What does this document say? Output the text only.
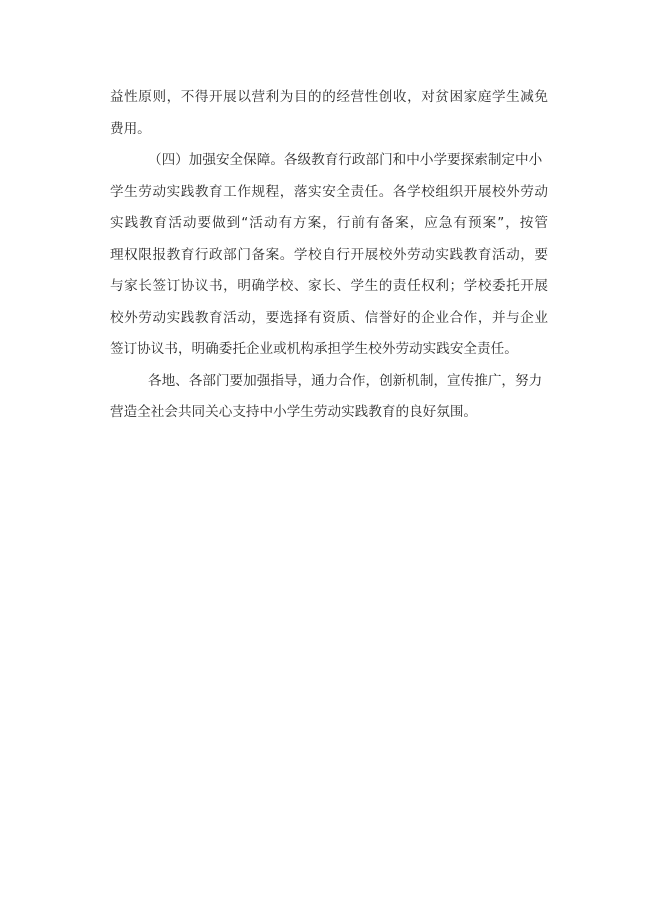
益性原则，不得开展以营利为目的的经营性创收，对贫困家庭学生减免
费用。
（四）加强安全保障。各级教育行政部门和中小学要探索制定中小
学生劳动实践教育工作规程，落实安全责任。各学校组织开展校外劳动
实践教育活动要做到“活动有方案，行前有备案，应急有预案”，按管
理权限报教育行政部门备案。学校自行开展校外劳动实践教育活动，要
与家长签订协议书，明确学校、家长、学生的责任权利；学校委托开展
校外劳动实践教育活动，要选择有资质、信誉好的企业合作，并与企业
签订协议书，明确委托企业或机构承担学生校外劳动实践安全责任。
各地、各部门要加强指导，通力合作，创新机制，宣传推广，努力
营造全社会共同关心支持中小学生劳动实践教育的良好氛围。
